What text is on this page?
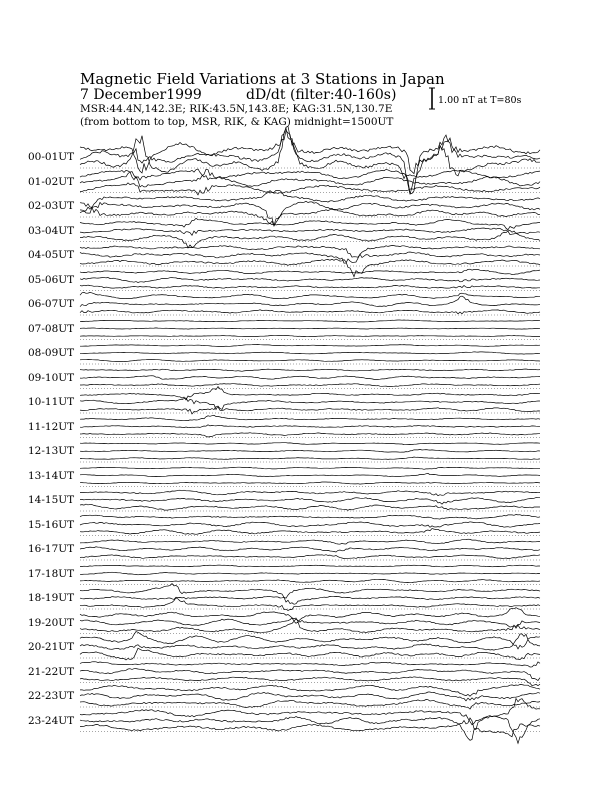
Magnetic Field Variations at 3 Stations in Japan
7 December1999	dD/dt (filter:40-160s)
MSR:44.4N,142.3E; RIK:43.5N,143.8E; KAG:31.5N,130.7E
(from bottom to top, MSR, RIK, & KAG) midnight=1500UT
1.00 nT at T=80s
00-01UT
01-02UT
02-03UT
03-04UT
04-05UT
05-06UT
06-07UT
07-08UT
08-09UT
09-10UT
10-11UT
11-12UT
12-13UT
13-14UT
14-15UT
15-16UT
16-17UT
17-18UT
18-19UT
19-20UT
20-21UT
21-22UT
22-23UT
23-24UT
